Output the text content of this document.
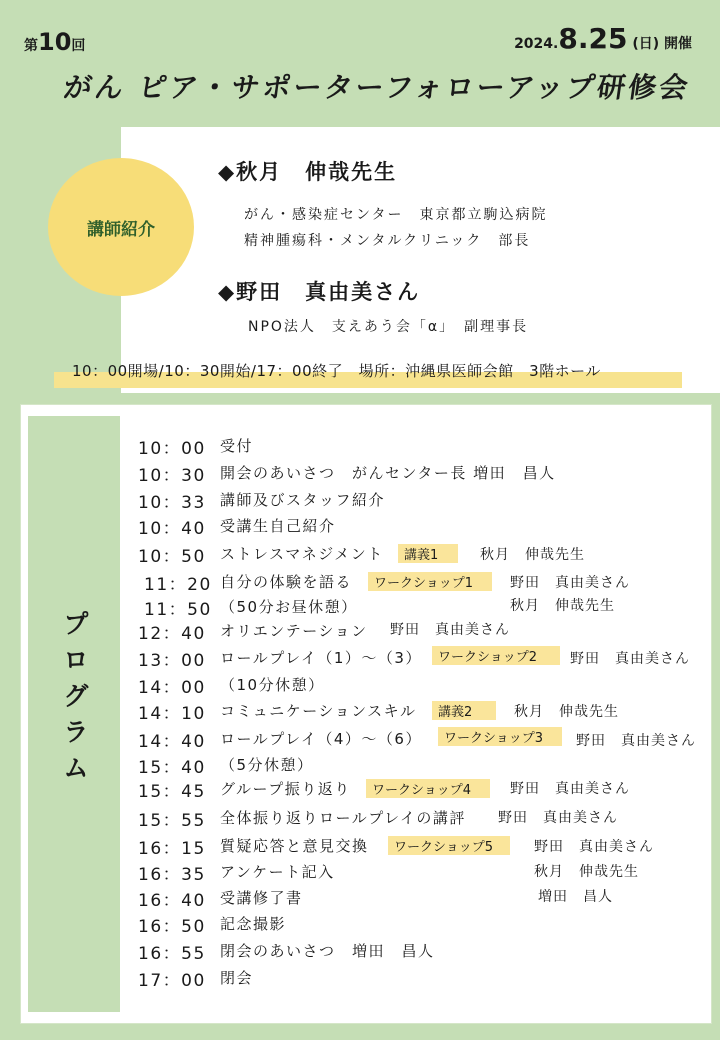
第10回	2024.8.25 (日) 開催
がん ピア・サポーターフォローアップ研修会
講師紹介
◆秋月　伸哉先生
がん・感染症センター　東京都立駒込病院
精神腫瘍科・メンタルクリニック　部長
◆野田　真由美さん
NPO法人　支えあう会「α」　副理事長
10：00開場/10：30開始/17：00終了　場所：沖縄県医師会館　3階ホール
プログラム
10：00 受付
10：30 開会のあいさつ　がんセンター長 増田　昌人
10：33 講師及びスタッフ紹介
10：40 受講生自己紹介
10：50 ストレスマネジメント	講義1	秋月　伸哉先生
11：20 自分の体験を語る	ワークショップ1	野田　真由美さん
11：50 （50分お昼休憩）	秋月　伸哉先生
12：40 オリエンテーション 野田　真由美さん
13：00 ロールプレイ（1）～（3）	ワークショップ2	野田　真由美さん
14：00 （10分休憩）
14：10 コミュニケーションスキル	講義2	秋月　伸哉先生
14：40 ロールプレイ（4）～（6）	ワークショップ3	野田　真由美さん
15：40 （5分休憩）
15：45 グループ振り返り	ワークショップ4	野田　真由美さん
15：55 全体振り返りロールプレイの講評 野田　真由美さん
16：15 質疑応答と意見交換	ワークショップ5	野田　真由美さん
16：35 アンケート記入	秋月　伸哉先生
16：40 受講修了書	増田　昌人
16：50 記念撮影
16：55 閉会のあいさつ　増田　昌人
17：00 閉会
